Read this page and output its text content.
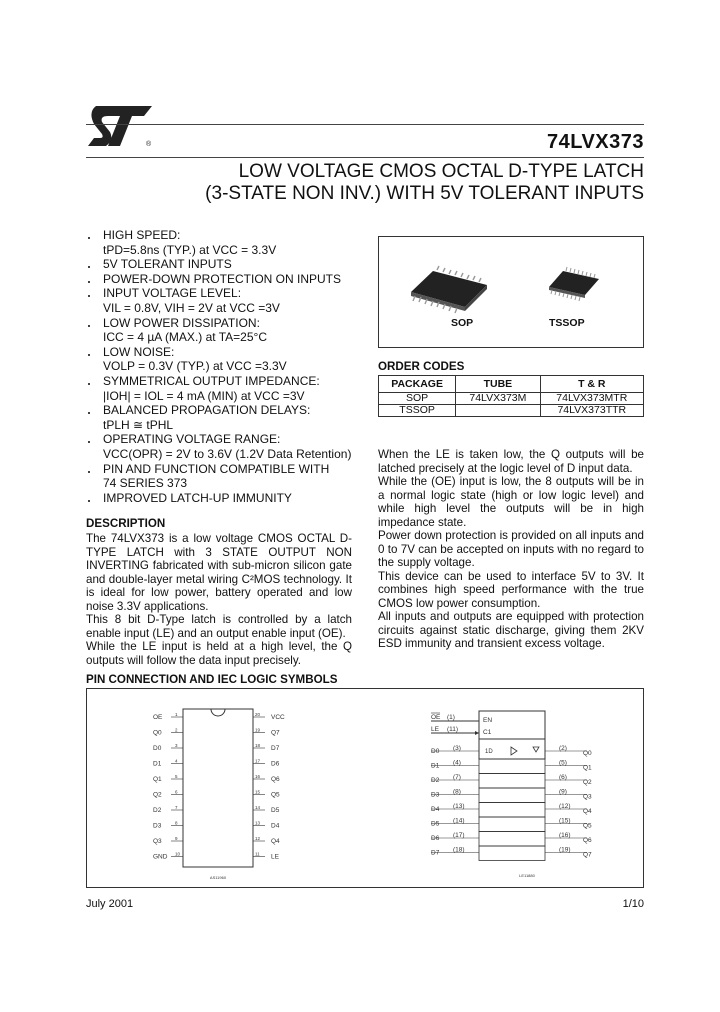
®	74LVX373
LOW VOLTAGE CMOS OCTAL D-TYPE LATCH
(3-STATE NON INV.) WITH 5V TOLERANT INPUTS
HIGH SPEED:
tPD=5.8ns (TYP.) at VCC = 3.3V
5V TOLERANT INPUTS
POWER-DOWN PROTECTION ON INPUTS
INPUT VOLTAGE LEVEL:
VIL = 0.8V, VIH = 2V at VCC =3V
LOW POWER DISSIPATION:
ICC = 4 µA (MAX.) at TA=25°C
LOW NOISE:
VOLP = 0.3V (TYP.) at VCC =3.3V
SYMMETRICAL OUTPUT IMPEDANCE:
|IOH| = IOL = 4 mA (MIN) at VCC =3V
BALANCED PROPAGATION DELAYS:
tPLH ≅ tPHL
OPERATING VOLTAGE RANGE:
VCC(OPR) = 2V to 3.6V (1.2V Data Retention)
PIN AND FUNCTION COMPATIBLE WITH
74 SERIES 373
IMPROVED LATCH-UP IMMUNITY
DESCRIPTION
The 74LVX373 is a low voltage CMOS OCTAL D-TYPE LATCH with 3 STATE OUTPUT NON INVERTING fabricated with sub-micron silicon gate and double-layer metal wiring C²MOS technology. It is ideal for low power, battery operated and low noise 3.3V applications.
This 8 bit D-Type latch is controlled by a latch enable input (LE) and an output enable input (OE).
While the LE input is held at a high level, the Q outputs will follow the data input precisely.
SOP	TSSOP
ORDER CODES
PACKAGE	TUBE	T & R
SOP	74LVX373M	74LVX373MTR
TSSOP		74LVX373TTR
When the LE is taken low, the Q outputs will be latched precisely at the logic level of D input data.
While the (OE) input is low, the 8 outputs will be in a normal logic state (high or low logic level) and while high level the outputs will be in high impedance state.
Power down protection is provided on all inputs and 0 to 7V can be accepted on inputs with no regard to the supply voltage.
This device can be used to interface 5V to 3V. It combines high speed performance with the true CMOS low power consumption.
All inputs and outputs are equipped with protection circuits against static discharge, giving them 2KV ESD immunity and transient excess voltage.
PIN CONNECTION AND IEC LOGIC SYMBOLS
OE	1
Q0	2
D0	3
D1	4
Q1	5
Q2	6
D2	7
D3	8
Q3	9
GND 10
VCC
20
Q7
19
D7
18
D6
17
Q6
16
Q5
15
D5
14
D4
13
Q4
12
LE
11
AS11960
EN
C1
1D
OE (1)
LE (11)
D0 (3)	(2)
Q0
D1 (4)	(5)
Q1
D2 (7)	(6)
Q2
D3 (8)	(9)
Q3
D4 (13)	(12)
Q4
D5 (14)	(15)
Q5
D6 (17)	(16)
Q6
D7 (18)	(19)
Q7
LE11880
July 2001	1/10
